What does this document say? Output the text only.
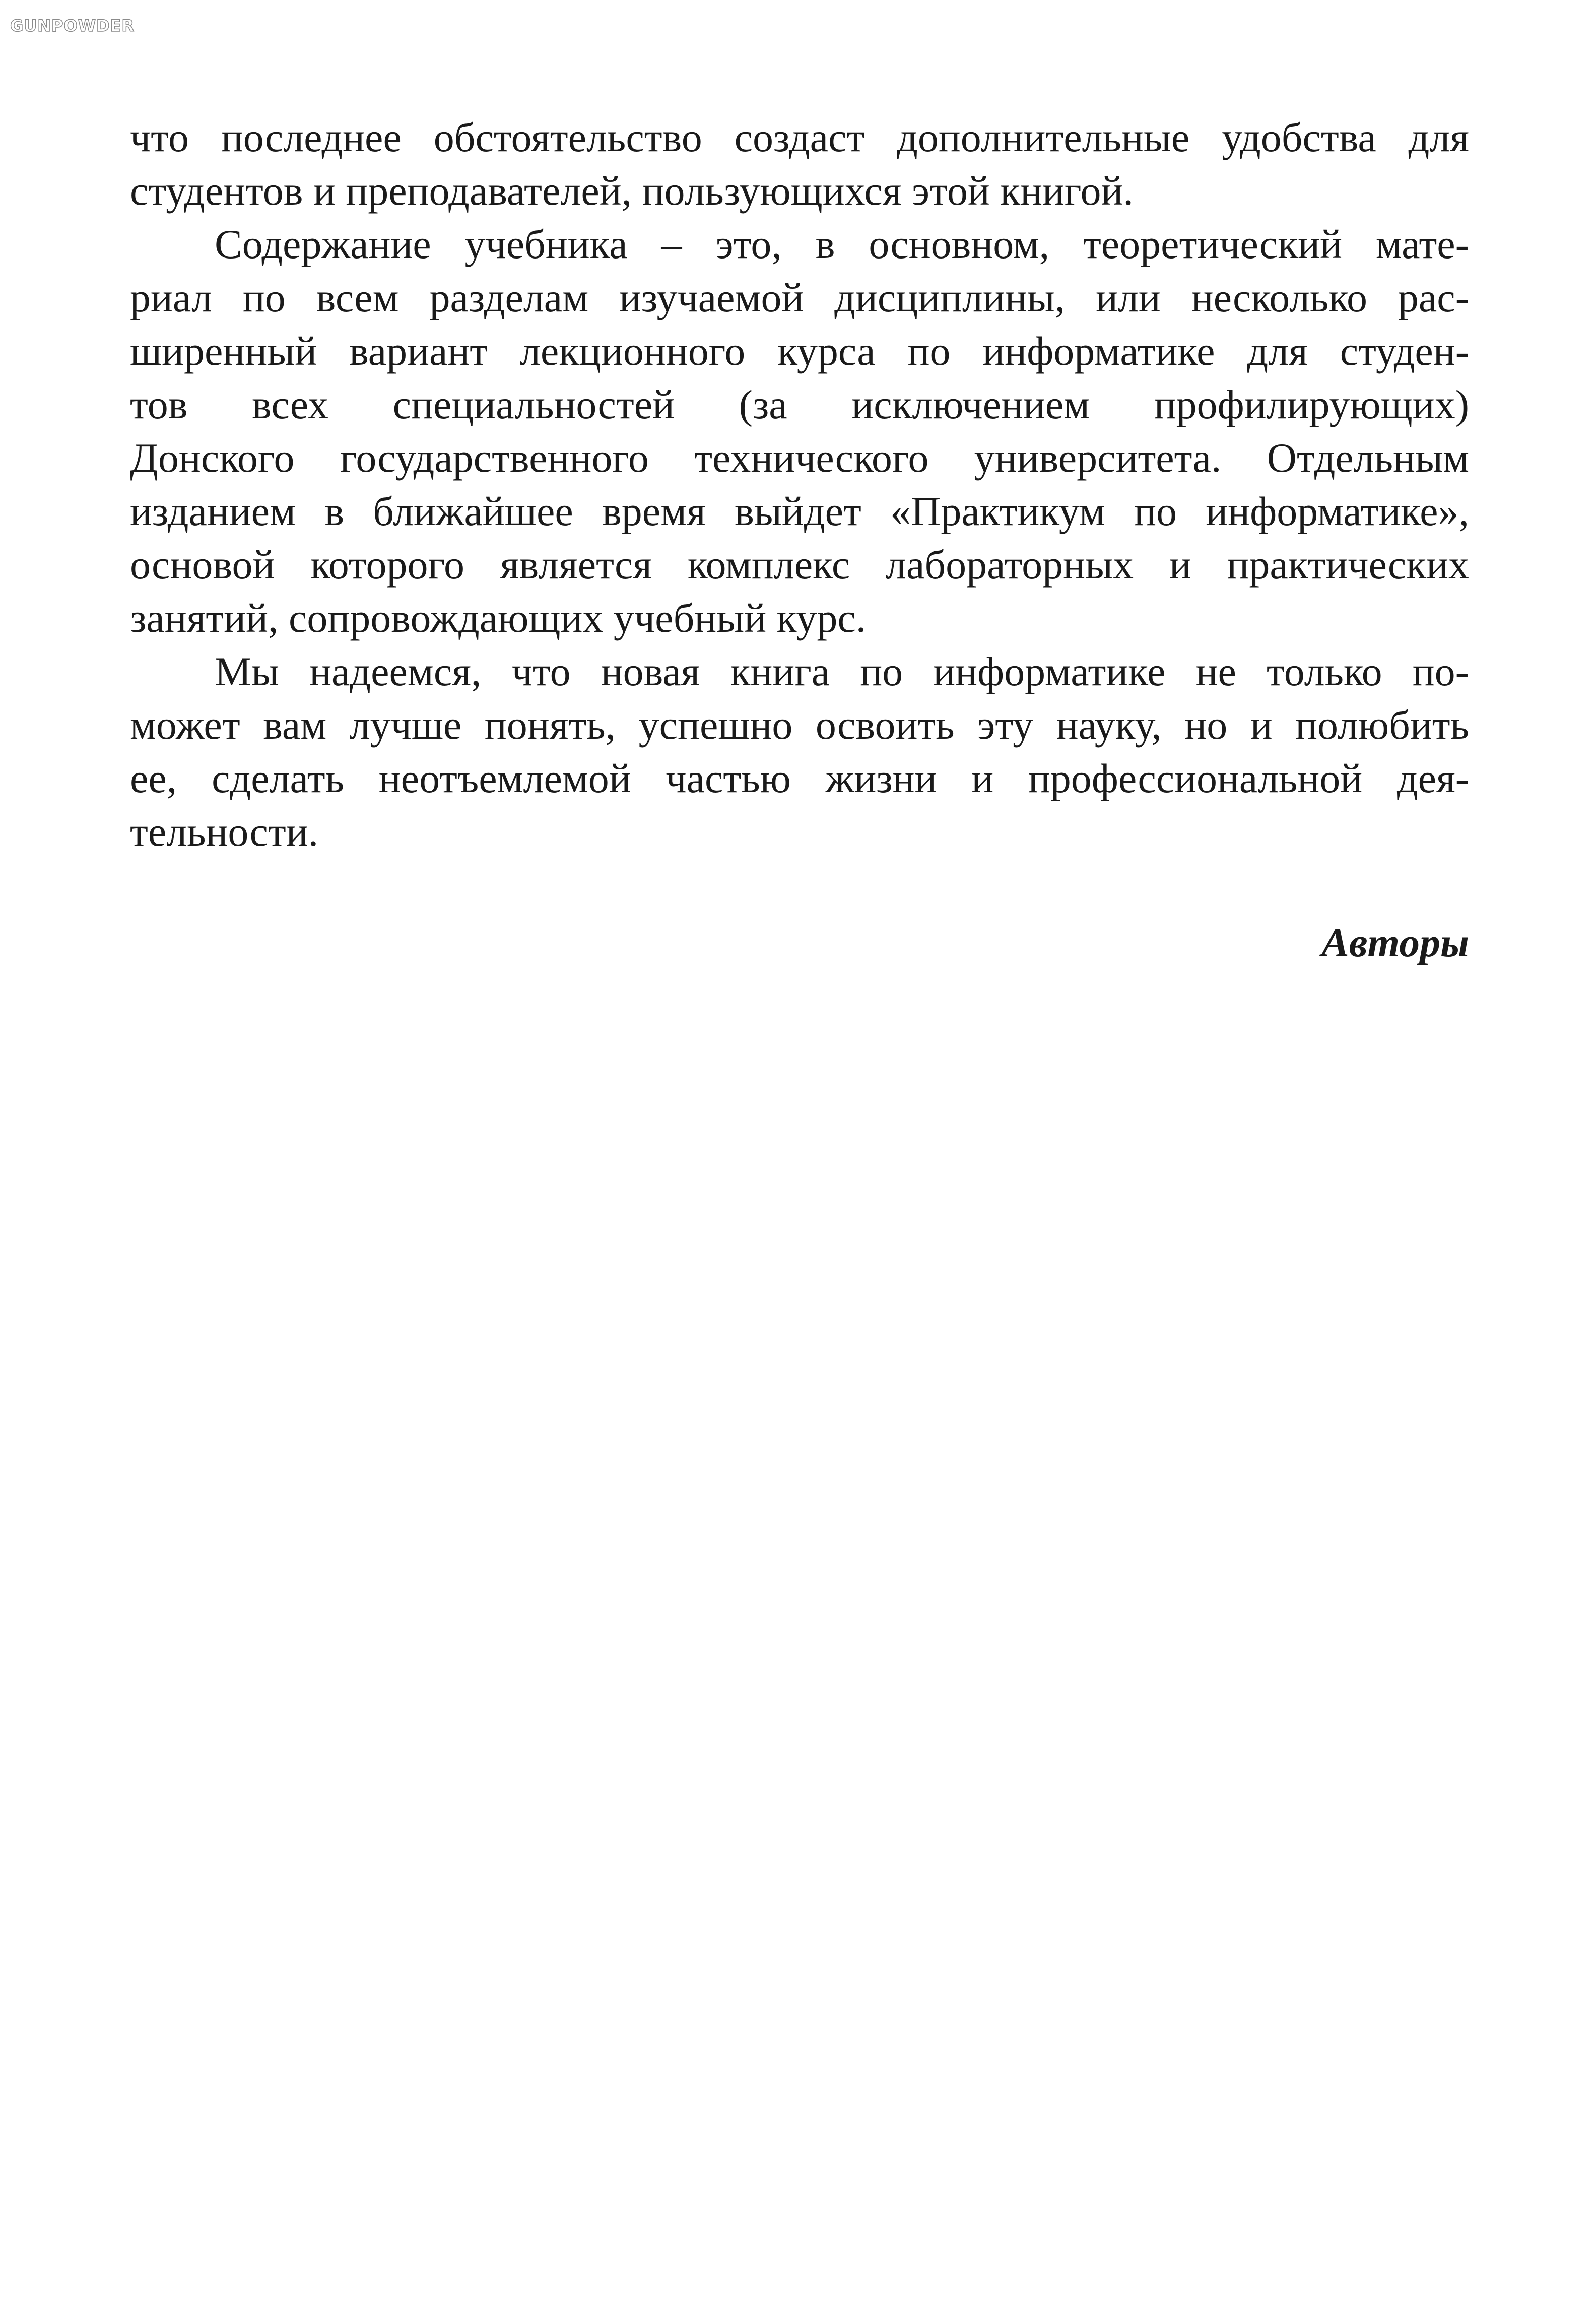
GUNPOWDER
что последнее обстоятельство создаст дополнительные удобства для
студентов и преподавателей, пользующихся этой книгой.
Содержание учебника – это, в основном, теоретический мате-
риал по всем разделам изучаемой дисциплины, или несколько рас-
ширенный вариант лекционного курса по информатике для студен-
тов всех специальностей (за исключением профилирующих)
Донского государственного технического университета. Отдельным
изданием в ближайшее время выйдет «Практикум по информатике»,
основой которого является комплекс лабораторных и практических
занятий, сопровождающих учебный курс.
Мы надеемся, что новая книга по информатике не только по-
может вам лучше понять, успешно освоить эту науку, но и полюбить
ее, сделать неотъемлемой частью жизни и профессиональной дея-
тельности.
Авторы
